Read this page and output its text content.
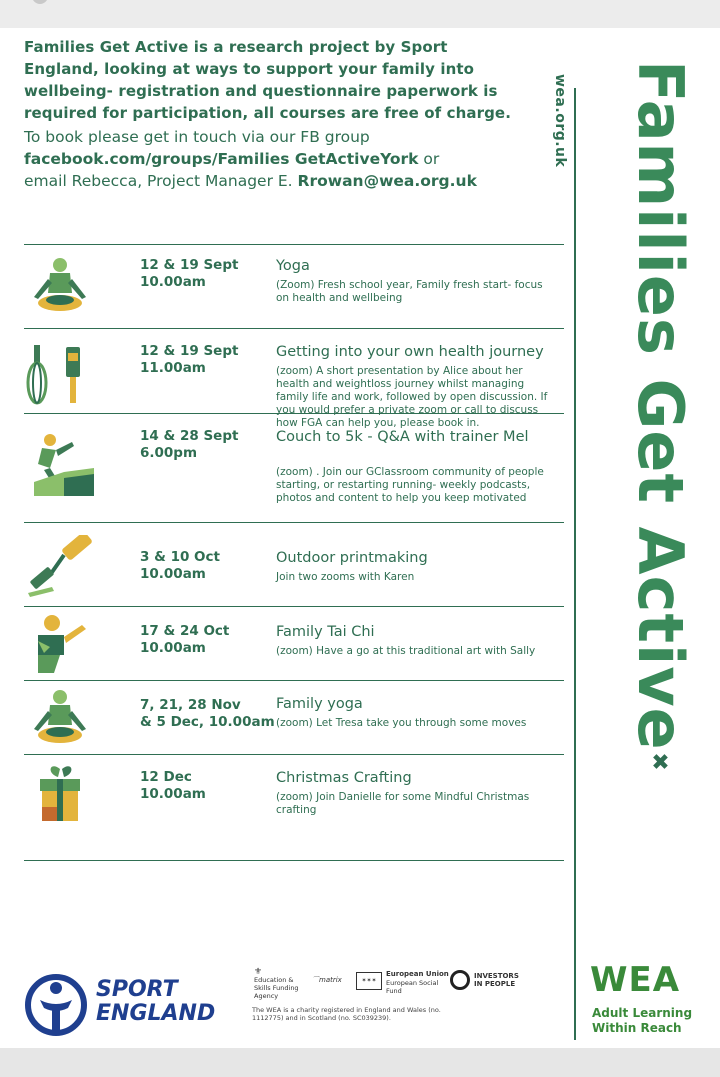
Families Get Active is a research project by Sport England, looking at ways to support your family into wellbeing- registration and questionnaire paperwork is required for participation, all courses are free of charge.
To book please get in touch via our FB group
facebook.com/groups/Families GetActiveYork or
email Rebecca, Project Manager E. Rrowan@wea.org.uk
wea.org.uk Families Get Active✖
12 & 19 Sept
10.00am
Yoga
(Zoom) Fresh school year, Family fresh start- focus on health and wellbeing
12 & 19 Sept
11.00am
Getting into your own health journey
(zoom) A short presentation by Alice about her health and weightloss journey whilst managing family life and work, followed by open discussion. If you would prefer a private zoom or call to discuss how FGA can help you, please book in.
14 & 28 Sept
6.00pm
Couch to 5k - Q&A with trainer Mel
(zoom) . Join our GClassroom community of people starting, or restarting running- weekly podcasts, photos and content to help you keep motivated
3 & 10 Oct
10.00am
Outdoor printmaking
Join two zooms with Karen
17 & 24 Oct
10.00am
Family Tai Chi
(zoom) Have a go at this traditional art with Sally
7, 21, 28 Nov
& 5 Dec, 10.00am
Family yoga
(zoom) Let Tresa take you through some moves
12 Dec
10.00am
Christmas Crafting
(zoom) Join Danielle for some Mindful Christmas crafting
SPORT
ENGLAND
⚜
Education & Skills Funding Agency
⌒matrix	✶✶✶
European Union
European Social Fund
INVESTORS IN PEOPLE
The WEA is a charity registered in England and Wales (no. 1112775) and in Scotland (no. SC039239).
WEA
Adult Learning Within Reach
